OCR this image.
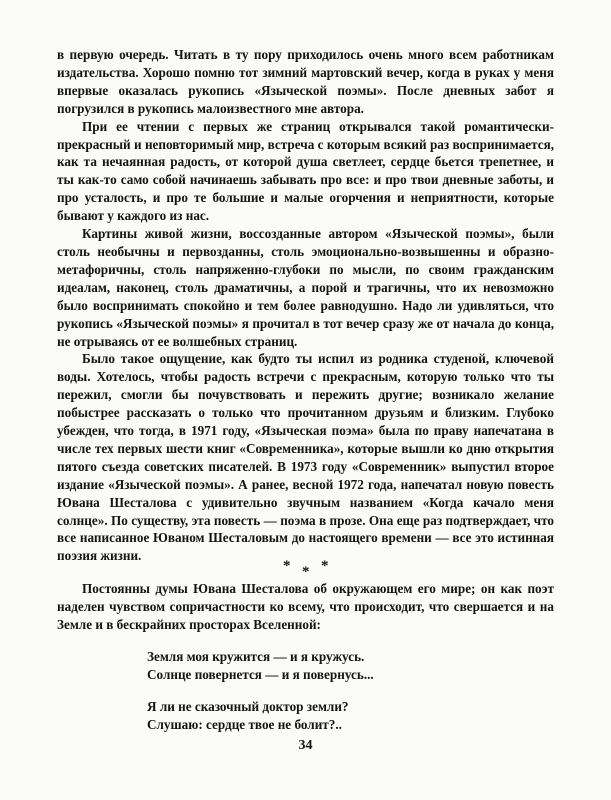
в первую очередь. Читать в ту пору приходилось очень много всем работникам издательства. Хорошо помню тот зимний мартовский вечер, когда в руках у меня впервые оказалась рукопись «Языческой поэмы». После дневных забот я погрузился в рукопись малоизвестного мне автора.

При ее чтении с первых же страниц открывался такой романтически-прекрасный и неповторимый мир, встреча с которым всякий раз воспринимается, как та нечаянная радость, от которой душа светлеет, сердце бьется трепетнее, и ты как-то само собой начинаешь забывать про все: и про твои дневные заботы, и про усталость, и про те большие и малые огорчения и неприятности, которые бывают у каждого из нас.

Картины живой жизни, воссозданные автором «Языческой поэмы», были столь необычны и первозданны, столь эмоционально-возвышенны и образно-метафоричны, столь напряженно-глубоки по мысли, по своим гражданским идеалам, наконец, столь драматичны, а порой и трагичны, что их невозможно было воспринимать спокойно и тем более равнодушно. Надо ли удивляться, что рукопись «Языческой поэмы» я прочитал в тот вечер сразу же от начала до конца, не отрываясь от ее волшебных страниц.

Было такое ощущение, как будто ты испил из родника студеной, ключевой воды. Хотелось, чтобы радость встречи с прекрасным, которую только что ты пережил, смогли бы почувствовать и пережить другие; возникало желание побыстрее рассказать о только что прочитанном друзьям и близким. Глубоко убежден, что тогда, в 1971 году, «Языческая поэма» была по праву напечатана в числе тех первых шести книг «Современника», которые вышли ко дню открытия пятого съезда советских писателей. В 1973 году «Современник» выпустил второе издание «Языческой поэмы». А ранее, весной 1972 года, напечатал новую повесть Ювана Шесталова с удивительно звучным названием «Когда качало меня солнце». По существу, эта повесть — поэма в прозе. Она еще раз подтверждает, что все написанное Юваном Шесталовым до настоящего времени — все это истинная поэзия жизни.

* * *
Постоянны думы Ювана Шесталова об окружающем его мире; он как поэт наделен чувством сопричастности ко всему, что происходит, что свершается и на Земле и в бескрайних просторах Вселенной:
Земля моя кружится — и я кружусь.
Солнце повернется — и я повернусь...
Я ли не сказочный доктор земли?
Слушаю: сердце твое не болит?..
34
